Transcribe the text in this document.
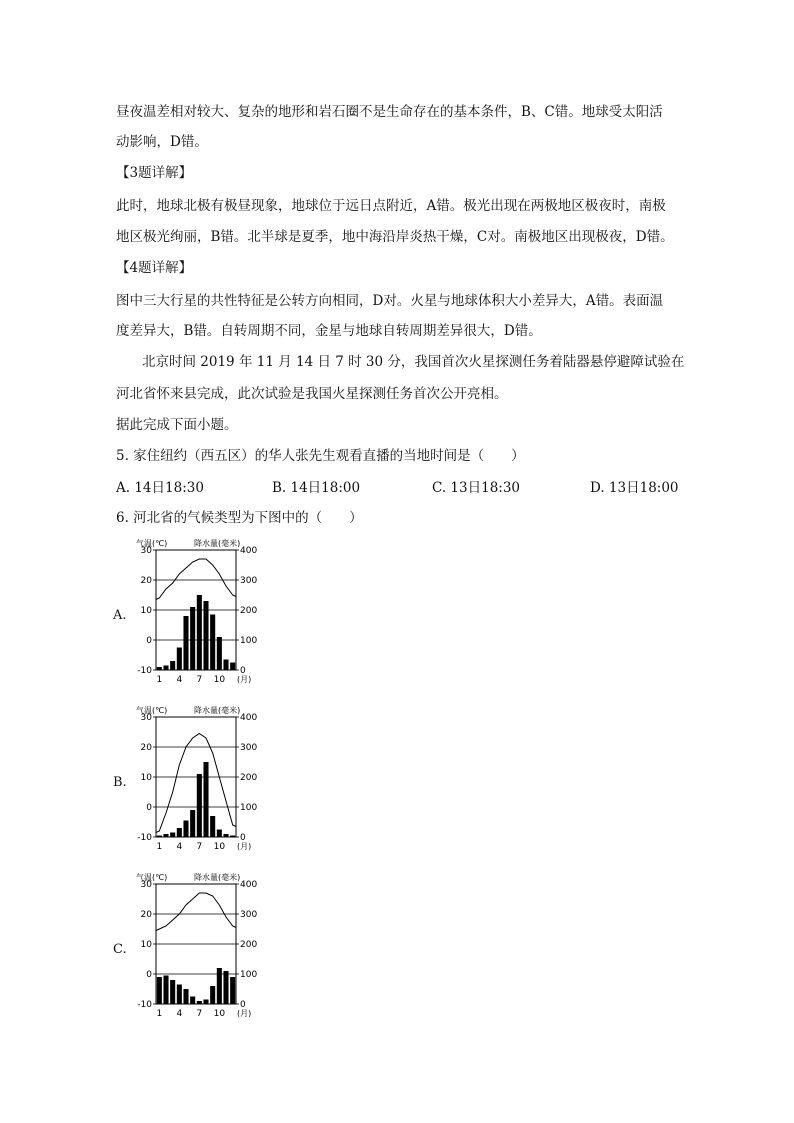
昼夜温差相对较大、复杂的地形和岩石圈不是生命存在的基本条件，B、C错。地球受太阳活
动影响，D错。
【3题详解】
此时，地球北极有极昼现象，地球位于远日点附近，A错。极光出现在两极地区极夜时，南极
地区极光绚丽，B错。北半球是夏季，地中海沿岸炎热干燥，C对。南极地区出现极夜，D错。
【4题详解】
图中三大行星的共性特征是公转方向相同，D对。火星与地球体积大小差异大，A错。表面温
度差异大，B错。自转周期不同，金星与地球自转周期差异很大，D错。
北京时间 2019 年 11 月 14 日 7 时 30 分，我国首次火星探测任务着陆器悬停避障试验在
河北省怀来县完成，此次试验是我国火星探测任务首次公开亮相。
据此完成下面小题。
5. 家住纽约（西五区）的华人张先生观看直播的当地时间是（　　）
A. 14日18:30	B. 14日18:00	C. 13日18:30	D. 13日18:00
6. 河北省的气候类型为下图中的（　　）
A.
B.
C.
气温(℃)	降水量(毫米)
30	400
20	300
10	200
0	100
-10	0
1 4 7 10 (月)
气温(℃)	降水量(毫米)
30	400
20	300
10	200
0	100
-10	0
1 4 7 10 (月)
气温(℃)	降水量(毫米)
30	400
20	300
10	200
0	100
-10	0
1 4 7 10 (月)
